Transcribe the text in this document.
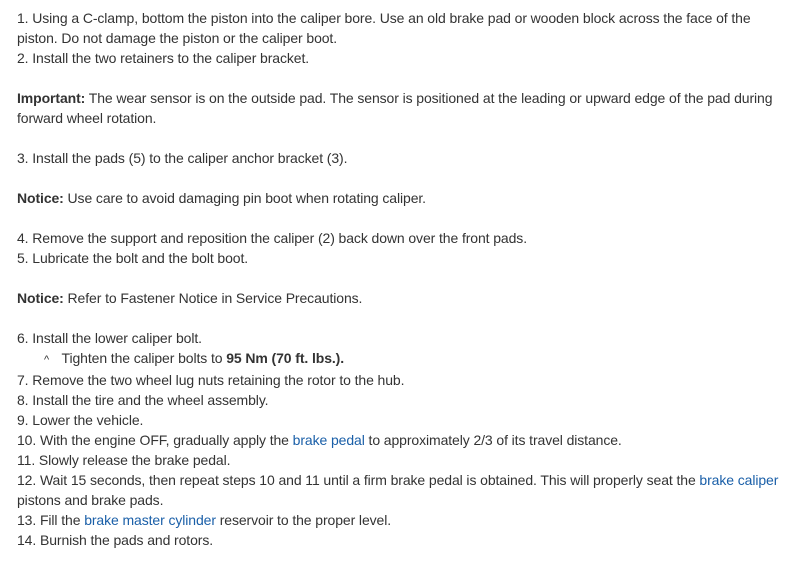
1. Using a C-clamp, bottom the piston into the caliper bore. Use an old brake pad or wooden block across the face of the piston. Do not damage the piston or the caliper boot.

2. Install the two retainers to the caliper bracket.

Important: The wear sensor is on the outside pad. The sensor is positioned at the leading or upward edge of the pad during forward wheel rotation.

3. Install the pads (5) to the caliper anchor bracket (3).

Notice: Use care to avoid damaging pin boot when rotating caliper.

4. Remove the support and reposition the caliper (2) back down over the front pads.

5. Lubricate the bolt and the bolt boot.

Notice: Refer to Fastener Notice in Service Precautions.

6. Install the lower caliper bolt.

^ Tighten the caliper bolts to 95 Nm (70 ft. lbs.).

7. Remove the two wheel lug nuts retaining the rotor to the hub.

8. Install the tire and the wheel assembly.

9. Lower the vehicle.

10. With the engine OFF, gradually apply the brake pedal to approximately 2/3 of its travel distance.

11. Slowly release the brake pedal.

12. Wait 15 seconds, then repeat steps 10 and 11 until a firm brake pedal is obtained. This will properly seat the brake caliper pistons and brake pads.

13. Fill the brake master cylinder reservoir to the proper level.

14. Burnish the pads and rotors.
